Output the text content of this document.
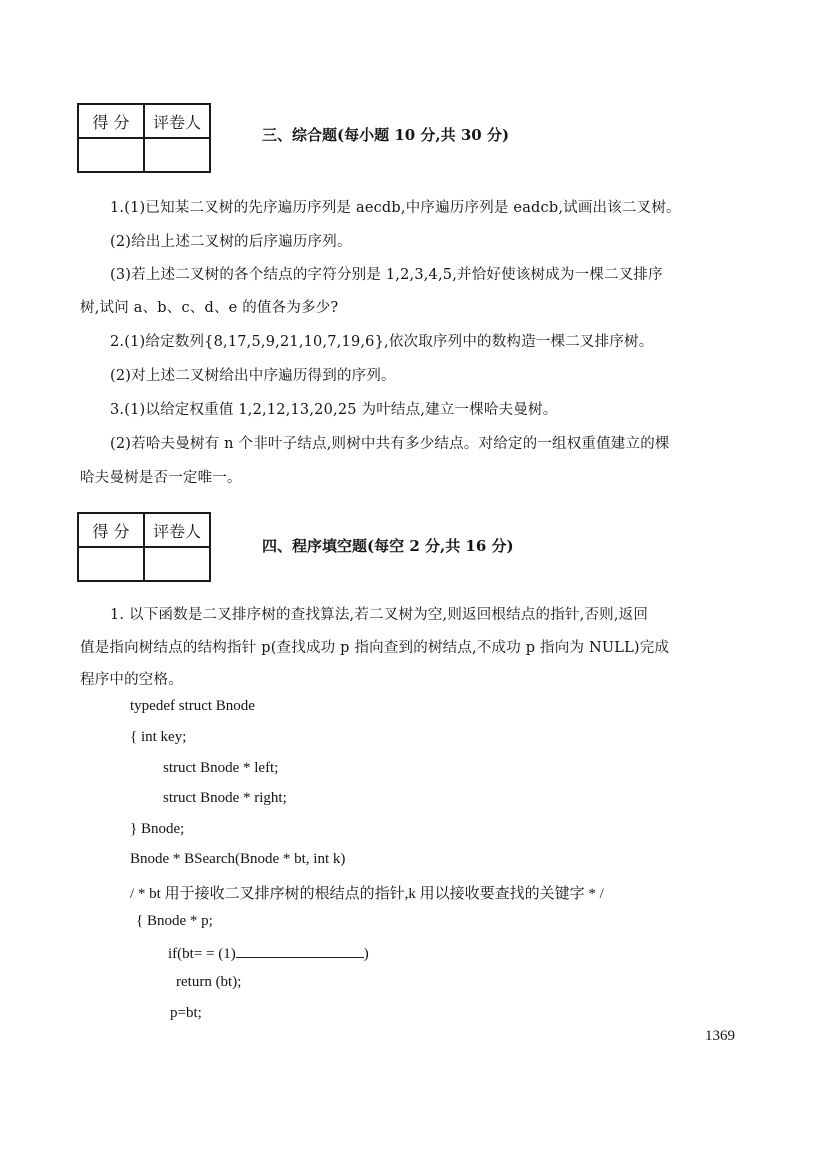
得 分	评卷人

三、综合题(每小题 10 分,共 30 分)
1.(1)已知某二叉树的先序遍历序列是 aecdb,中序遍历序列是 eadcb,试画出该二叉树。
(2)给出上述二叉树的后序遍历序列。
(3)若上述二叉树的各个结点的字符分别是 1,2,3,4,5,并恰好使该树成为一棵二叉排序
树,试问 a、b、c、d、e 的值各为多少?
2.(1)给定数列{8,17,5,9,21,10,7,19,6},依次取序列中的数构造一棵二叉排序树。
(2)对上述二叉树给出中序遍历得到的序列。
3.(1)以给定权重值 1,2,12,13,20,25 为叶结点,建立一棵哈夫曼树。
(2)若哈夫曼树有 n 个非叶子结点,则树中共有多少结点。对给定的一组权重值建立的棵
哈夫曼树是否一定唯一。
得 分	评卷人

四、程序填空题(每空 2 分,共 16 分)
1. 以下函数是二叉排序树的查找算法,若二叉树为空,则返回根结点的指针,否则,返回
值是指向树结点的结构指针 p(查找成功 p 指向查到的树结点,不成功 p 指向为 NULL)完成
程序中的空格。
typedef struct Bnode
{ int key;
struct Bnode * left;
struct Bnode * right;
} Bnode;
Bnode * BSearch(Bnode * bt, int k)
/ * bt 用于接收二叉排序树的根结点的指针,k 用以接收要查找的关键字 * /
{ Bnode * p;
if(bt= = (1)	)
return (bt);
p=bt;
1369
